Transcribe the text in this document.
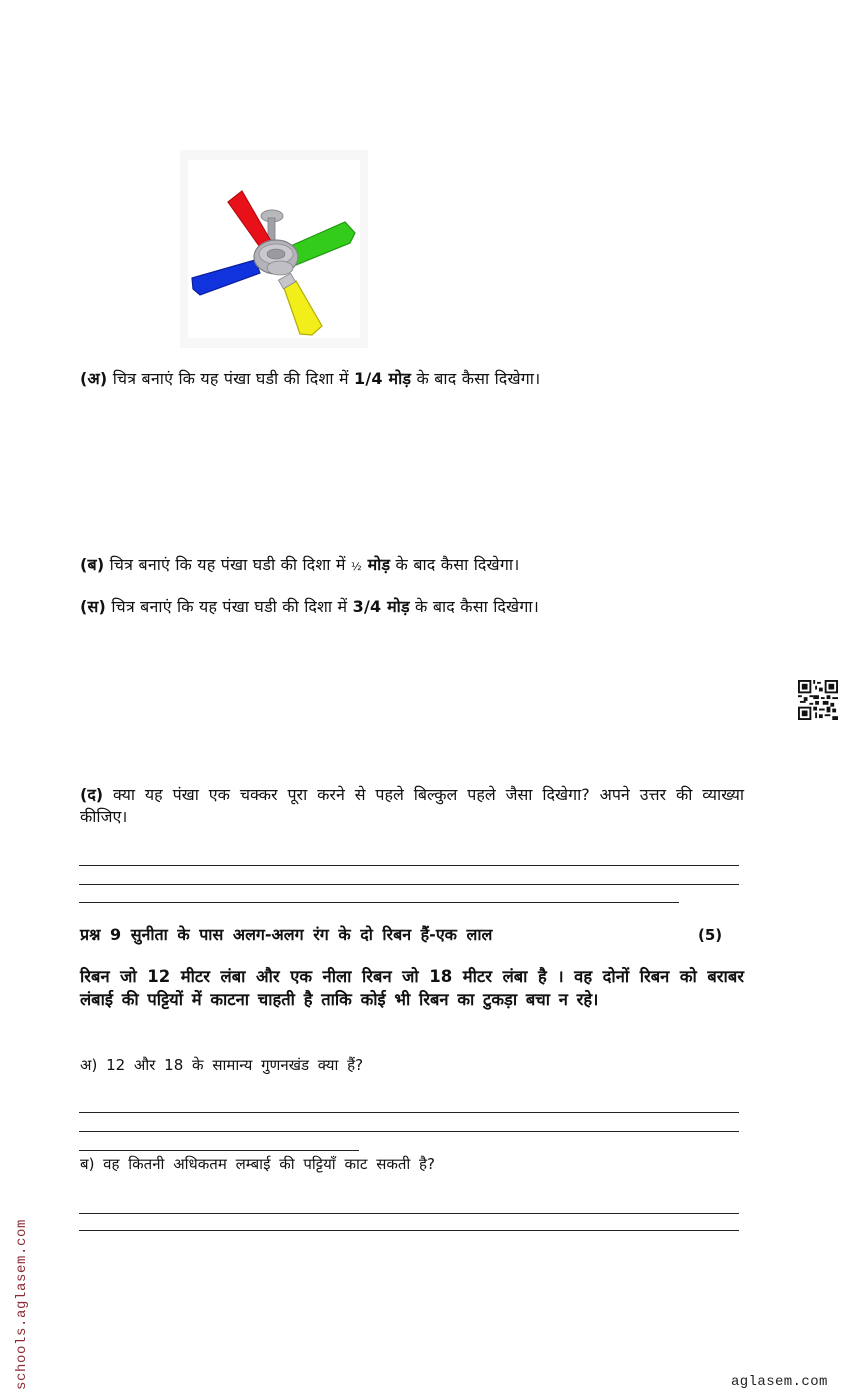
(अ) चित्र बनाएं कि यह पंखा घडी की दिशा में 1/4 मोड़ के बाद कैसा दिखेगा।
(ब) चित्र बनाएं कि यह पंखा घडी की दिशा में ½ मोड़ के बाद कैसा दिखेगा।
(स) चित्र बनाएं कि यह पंखा घडी की दिशा में 3/4 मोड़ के बाद कैसा दिखेगा।
(द) क्या यह पंखा एक चक्कर पूरा करने से पहले बिल्कुल पहले जैसा दिखेगा? अपने उत्तर की व्याख्या कीजिए।
प्रश्न 9 सुनीता के पास अलग-अलग रंग के दो रिबन हैं-एक लाल	(5)
रिबन जो 12 मीटर लंबा और एक नीला रिबन जो 18 मीटर लंबा है । वह दोनों रिबन को बराबर लंबाई की पट्टियों में काटना चाहती है ताकि कोई भी रिबन का टुकड़ा बचा न रहे।
अ) 12 और 18 के सामान्य गुणनखंड क्या हैं?
ब) वह कितनी अधिकतम लम्बाई की पट्टियाँ काट सकती है?
schools.aglasem.com	aglasem.com
